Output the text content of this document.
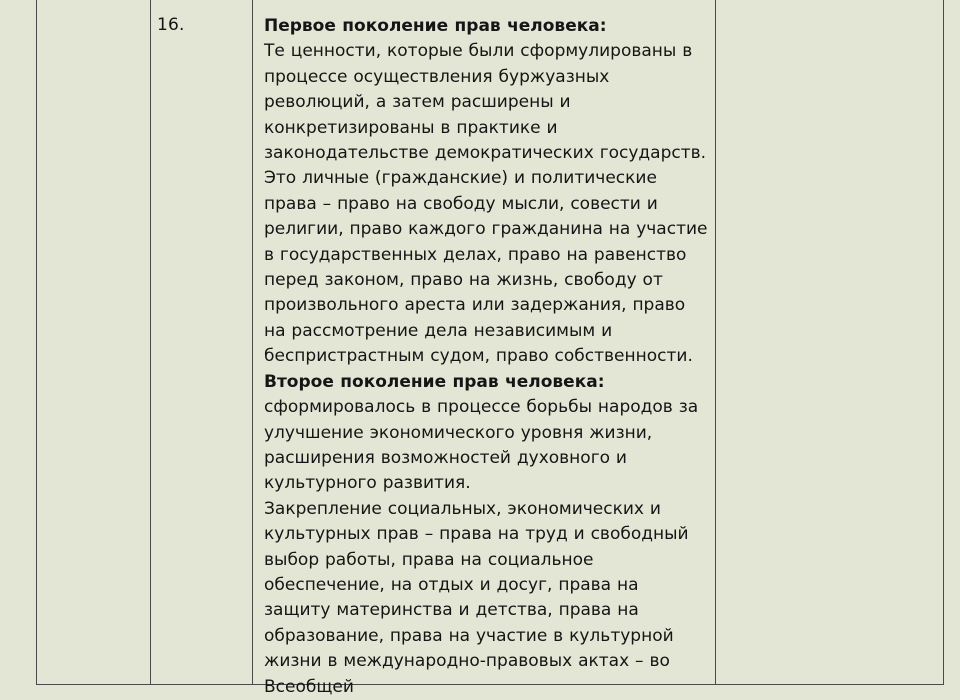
16.	Первое поколение прав человека:

Те ценности, которые были сформулированы в процессе осуществления буржуазных революций, а затем расширены и конкретизированы в практике и законодательстве демократических государств. Это личные (гражданские) и политические права – право на свободу мысли, совести и религии, право каждого гражданина на участие в государственных делах, право на равенство перед законом, право на жизнь, свободу от произвольного ареста или задержания, право на рассмотрение дела независимым и беспристрастным судом, право собственности.

Второе поколение прав человека:

сформировалось в процессе борьбы народов за улучшение экономического уровня жизни, расширения возможностей духовного и культурного развития.

Закрепление социальных, экономических и культурных прав – права на труд и свободный выбор работы, права на социальное обеспечение, на отдых и досуг, права на защиту материнства и детства, права на образование, права на участие в культурной жизни в международно-правовых актах – во Всеобщей
